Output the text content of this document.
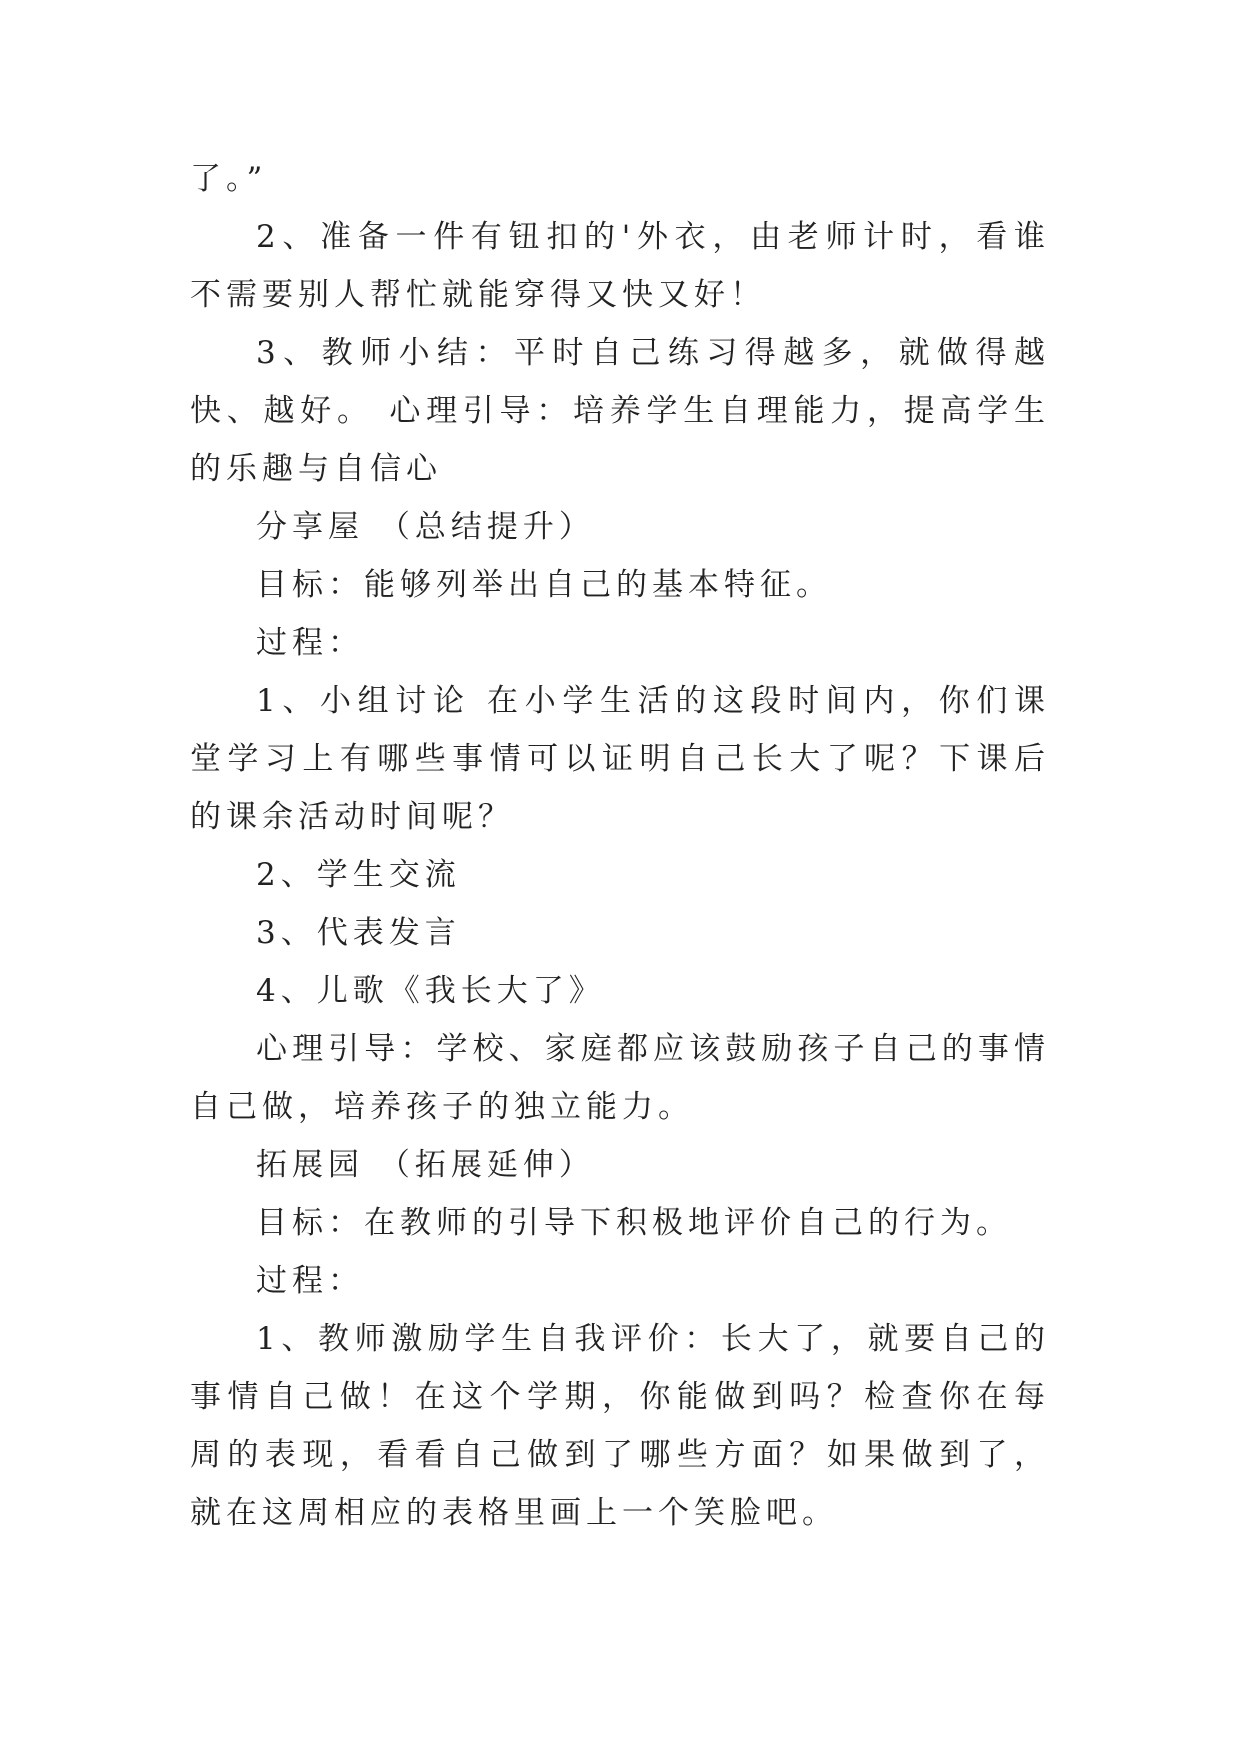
了。”

2、准备一件有钮扣的'外衣，由老师计时，看谁不需要别人帮忙就能穿得又快又好！

3、教师小结：平时自己练习得越多，就做得越快、越好。 心理引导：培养学生自理能力，提高学生的乐趣与自信心

分享屋 （总结提升）

目标：能够列举出自己的基本特征。

过程：

1、小组讨论 在小学生活的这段时间内，你们课堂学习上有哪些事情可以证明自己长大了呢？下课后的课余活动时间呢？

2、学生交流

3、代表发言

4、儿歌《我长大了》

心理引导：学校、家庭都应该鼓励孩子自己的事情自己做，培养孩子的独立能力。

拓展园 （拓展延伸）

目标：在教师的引导下积极地评价自己的行为。

过程：

1、教师激励学生自我评价：长大了，就要自己的事情自己做！在这个学期，你能做到吗？检查你在每周的表现，看看自己做到了哪些方面？如果做到了，就在这周相应的表格里画上一个笑脸吧。
